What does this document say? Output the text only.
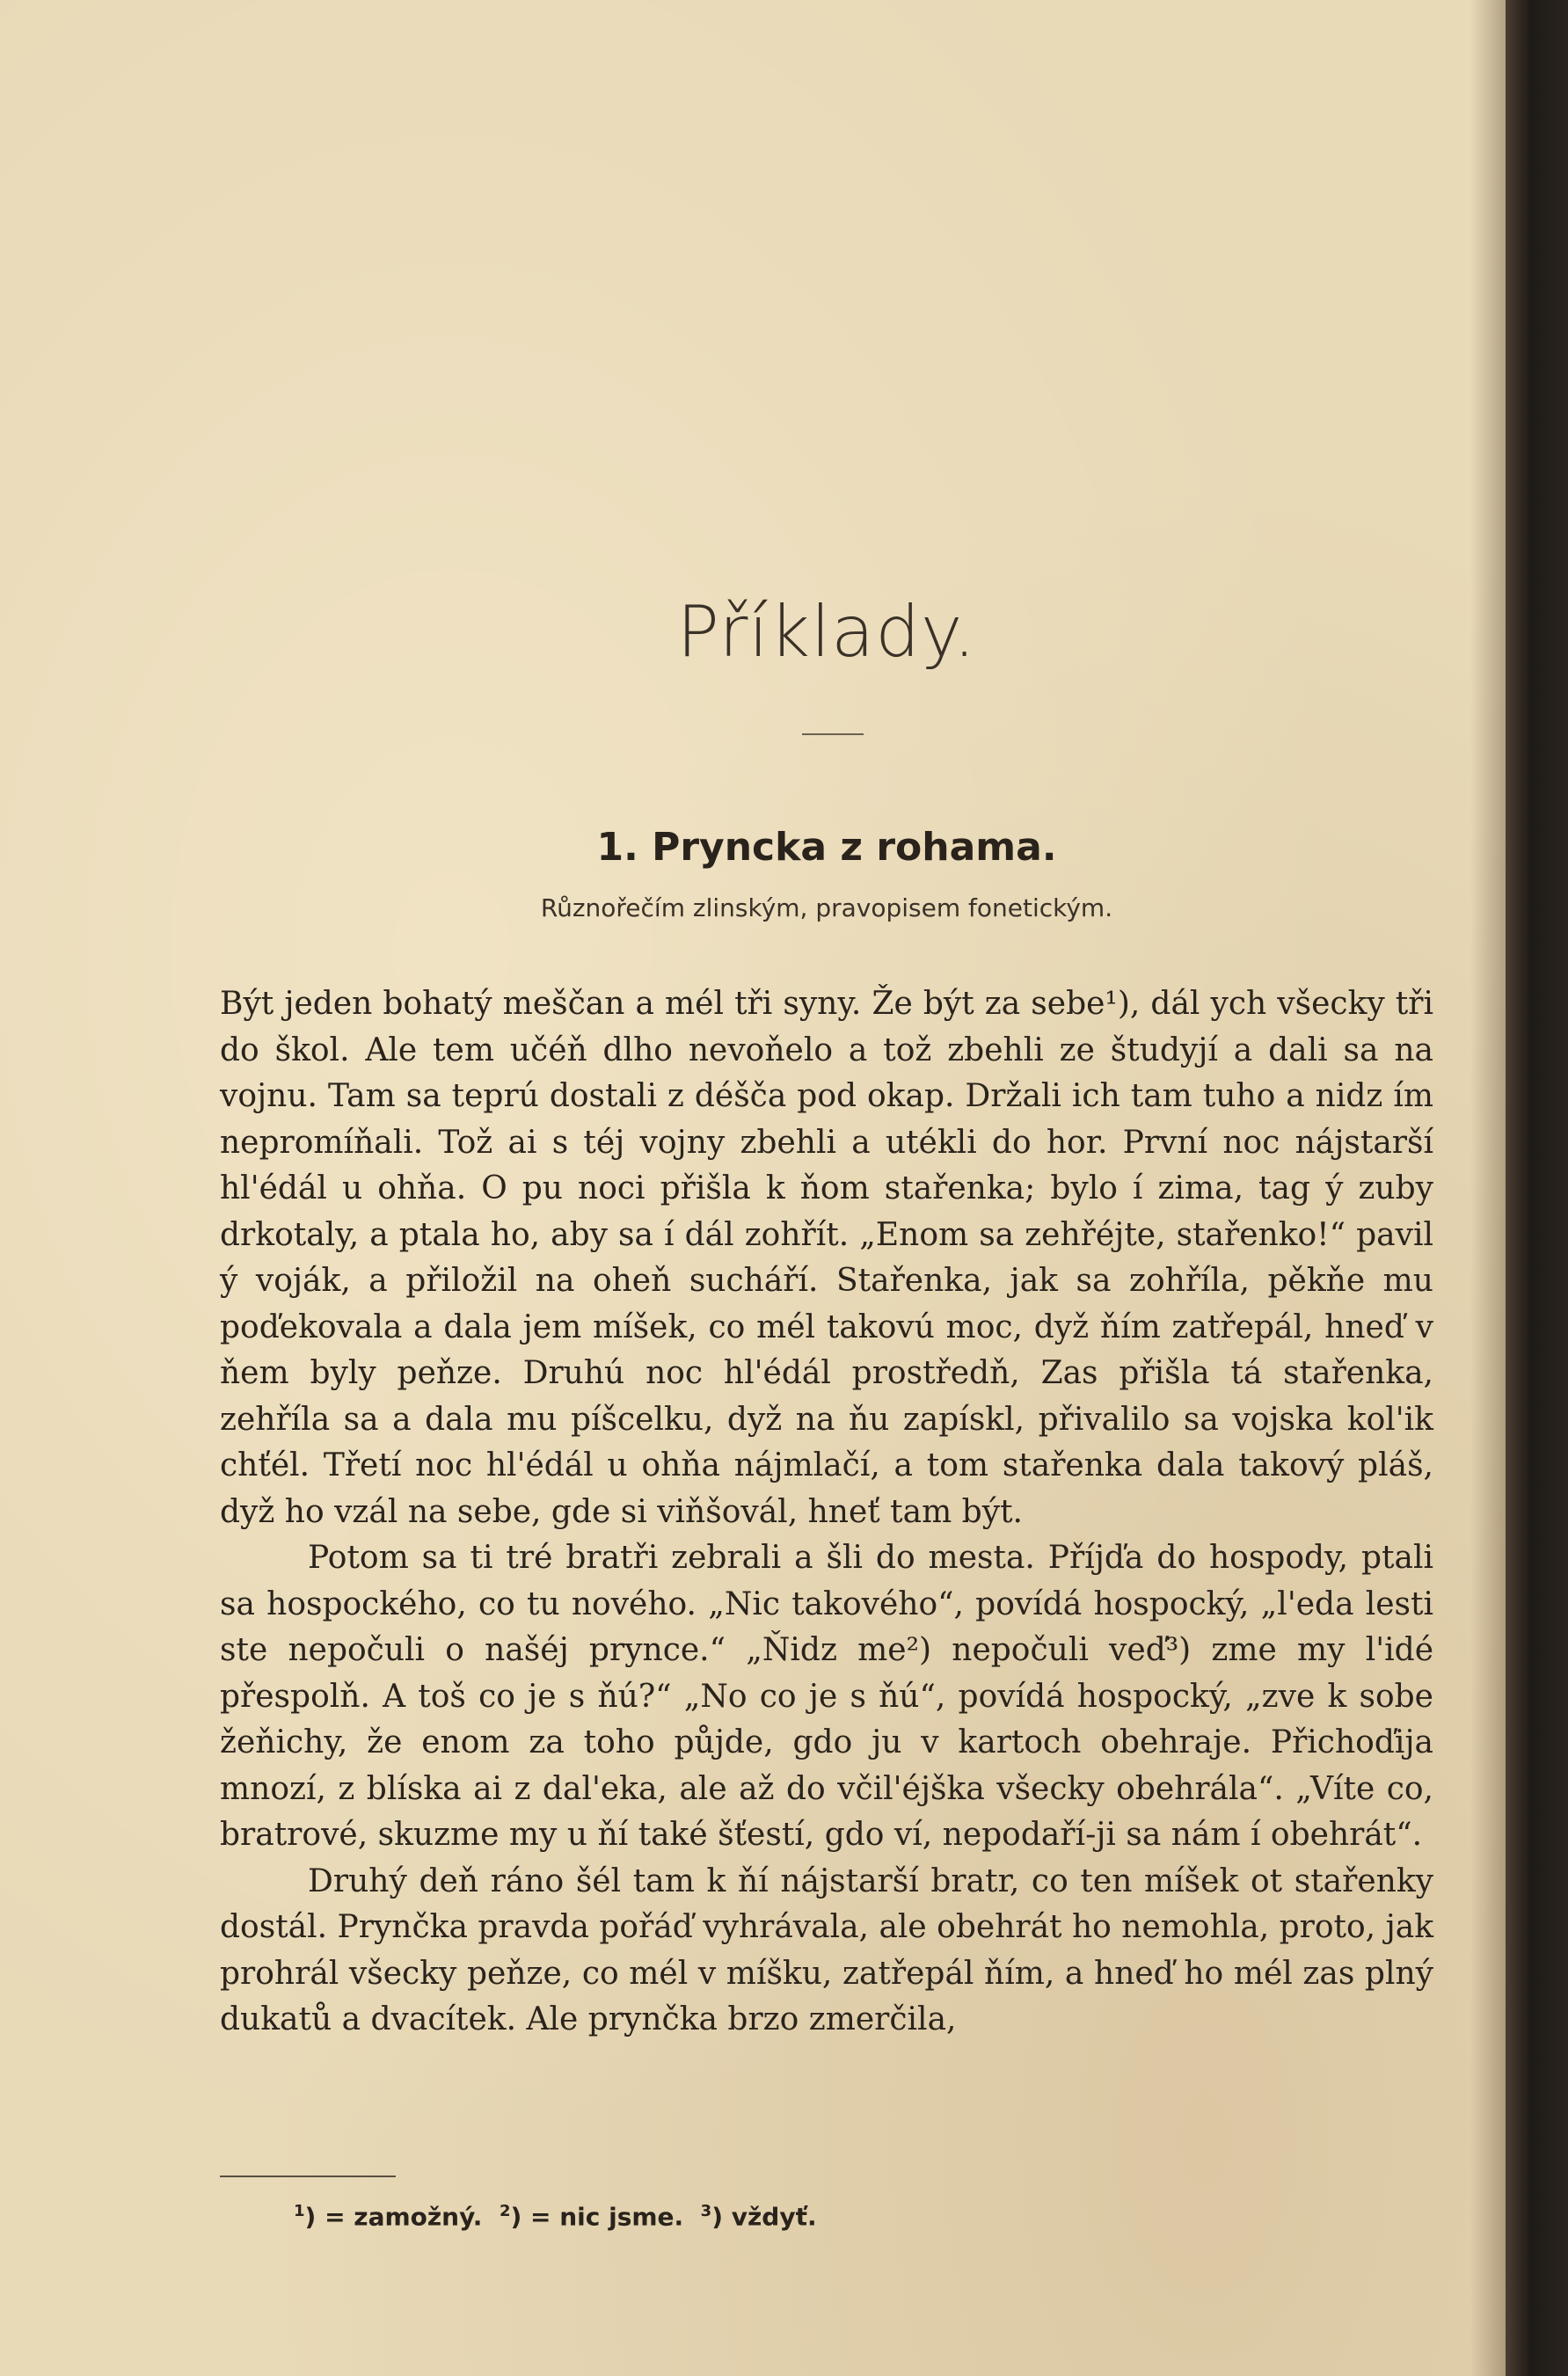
Příklady.
1. Pryncka z rohama.
Různořečím zlinským, pravopisem fonetickým.

Být jeden bohatý meščan a mél tři syny. Že být za sebe¹), dál ych všecky tři do škol. Ale tem učéň dlho nevoňelo a tož zbehli ze študyjí a dali sa na vojnu. Tam sa teprú dostali z déšča pod okap. Držali ich tam tuho a nidz ím nepromíňali. Tož ai s téj vojny zbehli a utékli do hor. První noc nájstarší hl'édál u ohňa. O pu noci přišla k ňom stařenka; bylo í zima, tag ý zuby drkotaly, a ptala ho, aby sa í dál zohřít. „Enom sa zehřéjte, stařenko!“ pavil ý voják, a přiložil na oheň sucháří. Stařenka, jak sa zohříla, pěkňe mu poďekovala a dala jem míšek, co mél takovú moc, dyž ňím zatřepál, hneď v ňem byly peňze. Druhú noc hl'édál prostředň, Zas přišla tá stařenka, zehříla sa a dala mu píšcelku, dyž na ňu zapískl, přivalilo sa vojska kol'ik chťél. Třetí noc hl'édál u ohňa nájmlačí, a tom stařenka dala takový pláš, dyž ho vzál na sebe, gde si viňšovál, hneť tam být.

Potom sa ti tré bratři zebrali a šli do mesta. Příjďa do hospody, ptali sa hospockého, co tu nového. „Nic takového“, povídá hospocký, „l'eda lesti ste nepočuli o našéj prynce.“ „Ňidz me²) nepočuli veď³) zme my l'idé přespolň. A toš co je s ňú?“ „No co je s ňú“, povídá hospocký, „zve k sobe žeňichy, že enom za toho půjde, gdo ju v kartoch obehraje. Přichoďija mnozí, z blíska ai z dal'eka, ale až do včil'éjška všecky obehrála“. „Víte co, bratrové, skuzme my u ňí také šťestí, gdo ví, nepodaří-ji sa nám í obehrát“.

Druhý deň ráno šél tam k ňí nájstarší bratr, co ten míšek ot stařenky dostál. Prynčka pravda pořáď vyhrávala, ale obehrát ho nemohla, proto, jak prohrál všecky peňze, co mél v míšku, zatřepál ňím, a hneď ho mél zas plný dukatů a dvacítek. Ale prynčka brzo zmerčila,

$^1$) = zamožný. $^2$) = nic jsme. $^3$) vždyť.
